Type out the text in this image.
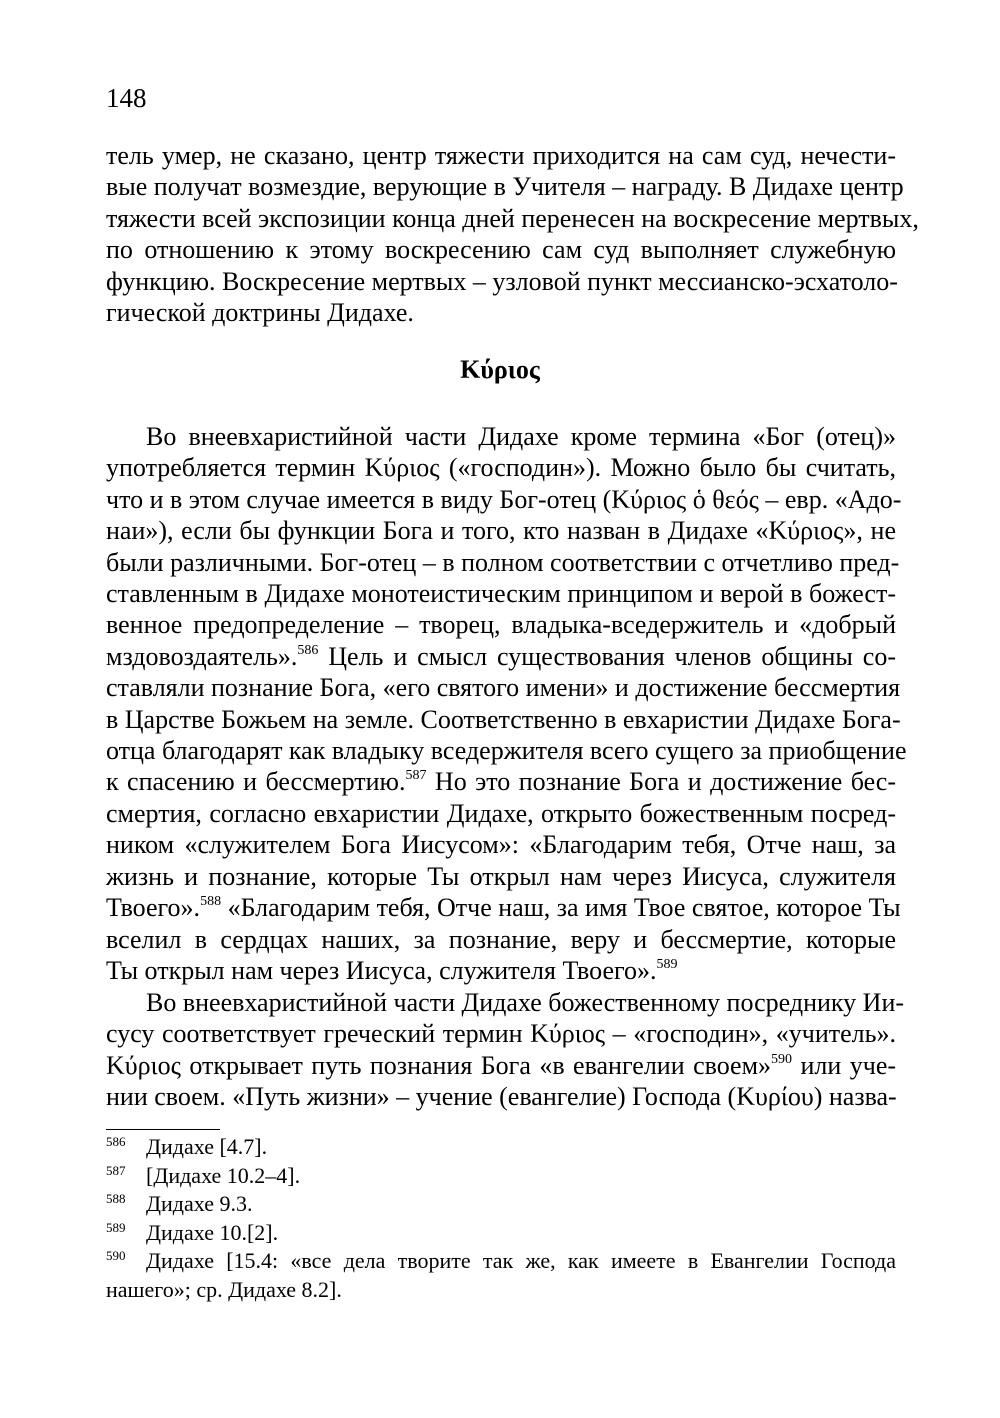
148
тель умер, не сказано, центр тяжести приходится на сам суд, нечести-
вые получат возмездие, верующие в Учителя – награду. В Дидахе центр
тяжести всей экспозиции конца дней перенесен на воскресение мертвых,
по отношению к этому воскресению сам суд выполняет служебную
функцию. Воскресение мертвых – узловой пункт мессианско-эсхатоло-
гической доктрины Дидахе.
Κύριος
Во внеевхаристийной части Дидахе кроме термина «Бог (отец)»
употребляется термин Κύριος («господин»). Можно было бы считать,
что и в этом случае имеется в виду Бог-отец (Κύριος ὁ θεός – евр. «Адо-
наи»), если бы функции Бога и того, кто назван в Дидахе «Κύριος», не
были различными. Бог-отец – в полном соответствии с отчетливо пред-
ставленным в Дидахе монотеистическим принципом и верой в божест-
венное предопределение – творец, владыка-вседержитель и «добрый
мздовоздаятель».$^{586}$ Цель и смысл существования членов общины со-
ставляли познание Бога, «его святого имени» и достижение бессмертия
в Царстве Божьем на земле. Соответственно в евхаристии Дидахе Бога-
отца благодарят как владыку вседержителя всего сущего за приобщение
к спасению и бессмертию.$^{587}$ Но это познание Бога и достижение бес-
смертия, согласно евхаристии Дидахе, открыто божественным посред-
ником «служителем Бога Иисусом»: «Благодарим тебя, Отче наш, за
жизнь и познание, которые Ты открыл нам через Иисуса, служителя
Твоего».$^{588}$ «Благодарим тебя, Отче наш, за имя Твое святое, которое Ты
вселил в сердцах наших, за познание, веру и бессмертие, которые
Ты открыл нам через Иисуса, служителя Твоего».$^{589}$
Во внеевхаристийной части Дидахе божественному посреднику Ии-
сусу соответствует греческий термин Κύριος – «господин», «учитель».
Κύριος открывает путь познания Бога «в евангелии своем»$^{590}$ или уче-
нии своем. «Путь жизни» – учение (евангелие) Господа (Κυρίου) назва-
586 Дидахе [4.7].
587 [Дидахе 10.2–4].
588 Дидахе 9.3.
589 Дидахе 10.[2].
590 Дидахе [15.4: «все дела творите так же, как имеете в Евангелии Господа
нашего»; ср. Дидахе 8.2].
